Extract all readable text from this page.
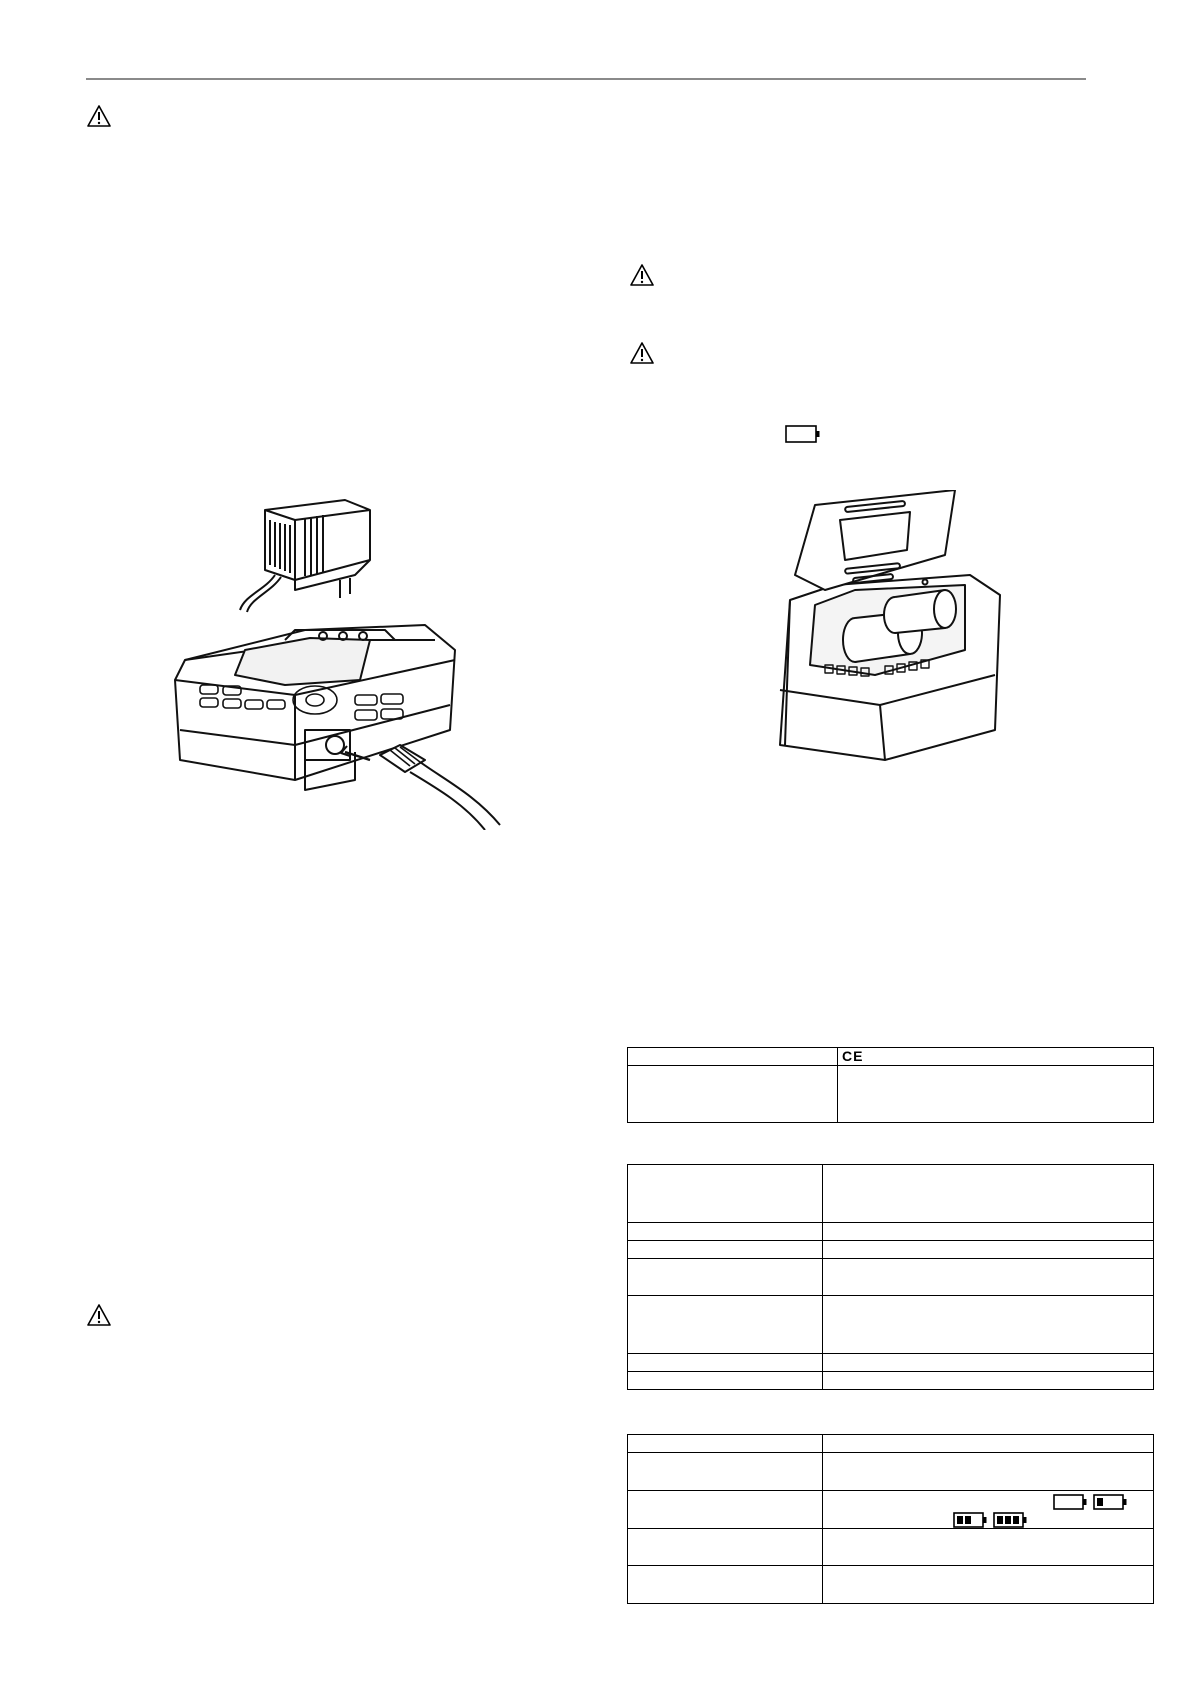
	CE
